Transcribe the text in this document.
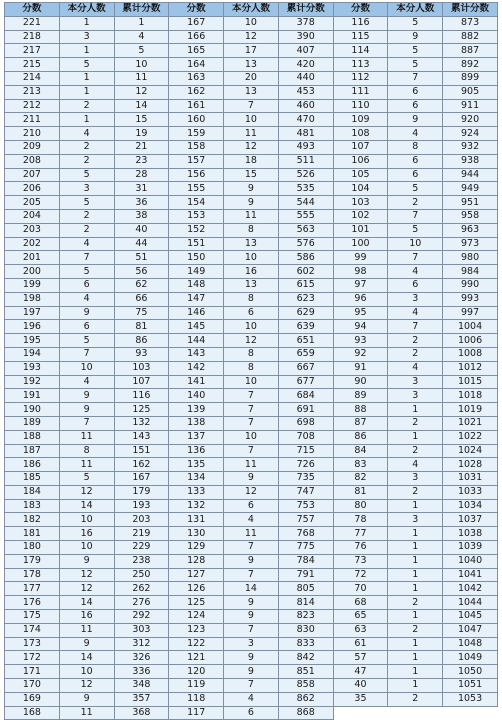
分数	本分人数	累计分数	分数	本分人数	累计分数	分数	本分人数	累计分数
221	1	1	167	10	378	116	5	873
218	3	4	166	12	390	115	9	882
217	1	5	165	17	407	114	5	887
215	5	10	164	13	420	113	5	892
214	1	11	163	20	440	112	7	899
213	1	12	162	13	453	111	6	905
212	2	14	161	7	460	110	6	911
211	1	15	160	10	470	109	9	920
210	4	19	159	11	481	108	4	924
209	2	21	158	12	493	107	8	932
208	2	23	157	18	511	106	6	938
207	5	28	156	15	526	105	6	944
206	3	31	155	9	535	104	5	949
205	5	36	154	9	544	103	2	951
204	2	38	153	11	555	102	7	958
203	2	40	152	8	563	101	5	963
202	4	44	151	13	576	100	10	973
201	7	51	150	10	586	99	7	980
200	5	56	149	16	602	98	4	984
199	6	62	148	13	615	97	6	990
198	4	66	147	8	623	96	3	993
197	9	75	146	6	629	95	4	997
196	6	81	145	10	639	94	7	1004
195	5	86	144	12	651	93	2	1006
194	7	93	143	8	659	92	2	1008
193	10	103	142	8	667	91	4	1012
192	4	107	141	10	677	90	3	1015
191	9	116	140	7	684	89	3	1018
190	9	125	139	7	691	88	1	1019
189	7	132	138	7	698	87	2	1021
188	11	143	137	10	708	86	1	1022
187	8	151	136	7	715	84	2	1024
186	11	162	135	11	726	83	4	1028
185	5	167	134	9	735	82	3	1031
184	12	179	133	12	747	81	2	1033
183	14	193	132	6	753	80	1	1034
182	10	203	131	4	757	78	3	1037
181	16	219	130	11	768	77	1	1038
180	10	229	129	7	775	76	1	1039
179	9	238	128	9	784	73	1	1040
178	12	250	127	7	791	72	1	1041
177	12	262	126	14	805	70	1	1042
176	14	276	125	9	814	68	2	1044
175	16	292	124	9	823	65	1	1045
174	11	303	123	7	830	63	2	1047
173	9	312	122	3	833	61	1	1048
172	14	326	121	9	842	57	1	1049
171	10	336	120	9	851	47	1	1050
170	12	348	119	7	858	40	1	1051
169	9	357	118	4	862	35	2	1053
168	11	368	117	6	868			
